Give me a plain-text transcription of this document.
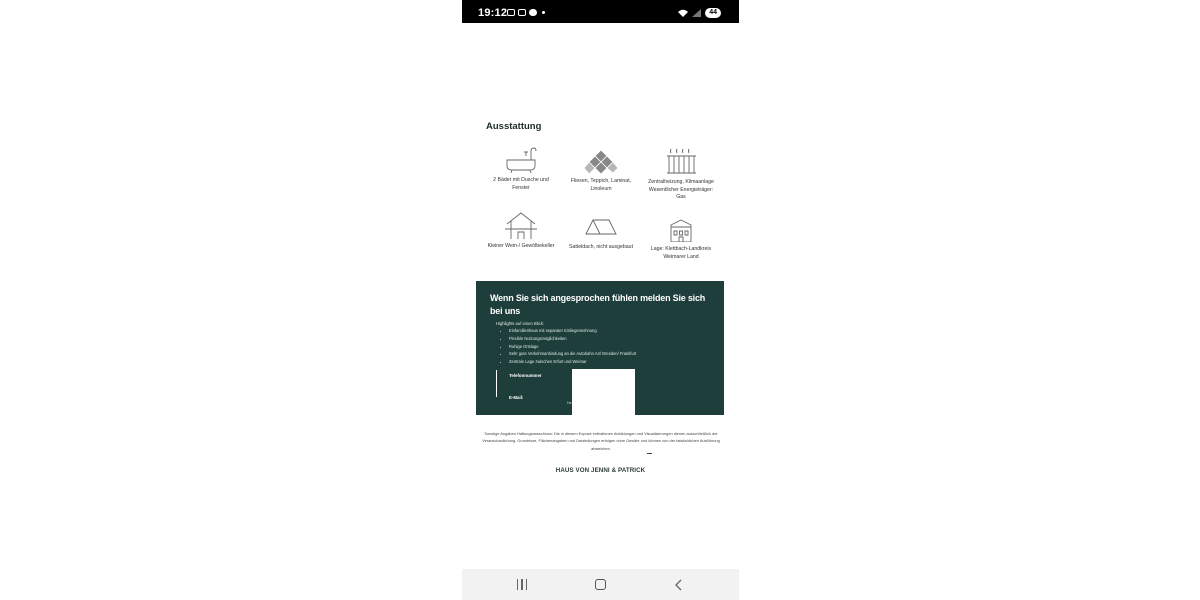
19:12	44
Ausstattung
2 Bäder mit Dusche und Fenster
Fliesen, Teppich, Laminat, Linoleum
Zentralheizung, Klimaanlage Wesentlicher Energieträger: Gas
Kleiner Wein-/ Gewölbekeller	Satteldach, nicht ausgebaut	Lage: Klettbach-Landkreis Weimarer Land
Wenn Sie sich angesprochen fühlen melden Sie sich bei uns
Highlights auf einen Blick:
• Einfamilienhaus mit separater Einliegerwohnung
• Flexible Nutzungsmöglichkeiten
• Ruhige Ortslage
• Sehr gute Verkehrsanbindung an die Autobahn A4/ Dresden/ Frankfurt
• Zentrale Lage zwischen Erfurt und Weimar
Telefonnummer
E-Mail:
Ha
Sonstige Angaben Haftungsausschluss: Die in diesem Exposé enthaltenen Abbildungen und Visualisierungen dienen ausschließlich der Veranschaulichung. Grundrisse, Flächenangaben und Darstellungen erfolgen ohne Gewähr und können von der tatsächlichen Ausführung abweichen.
HAUS VON JENNI & PATRICK
